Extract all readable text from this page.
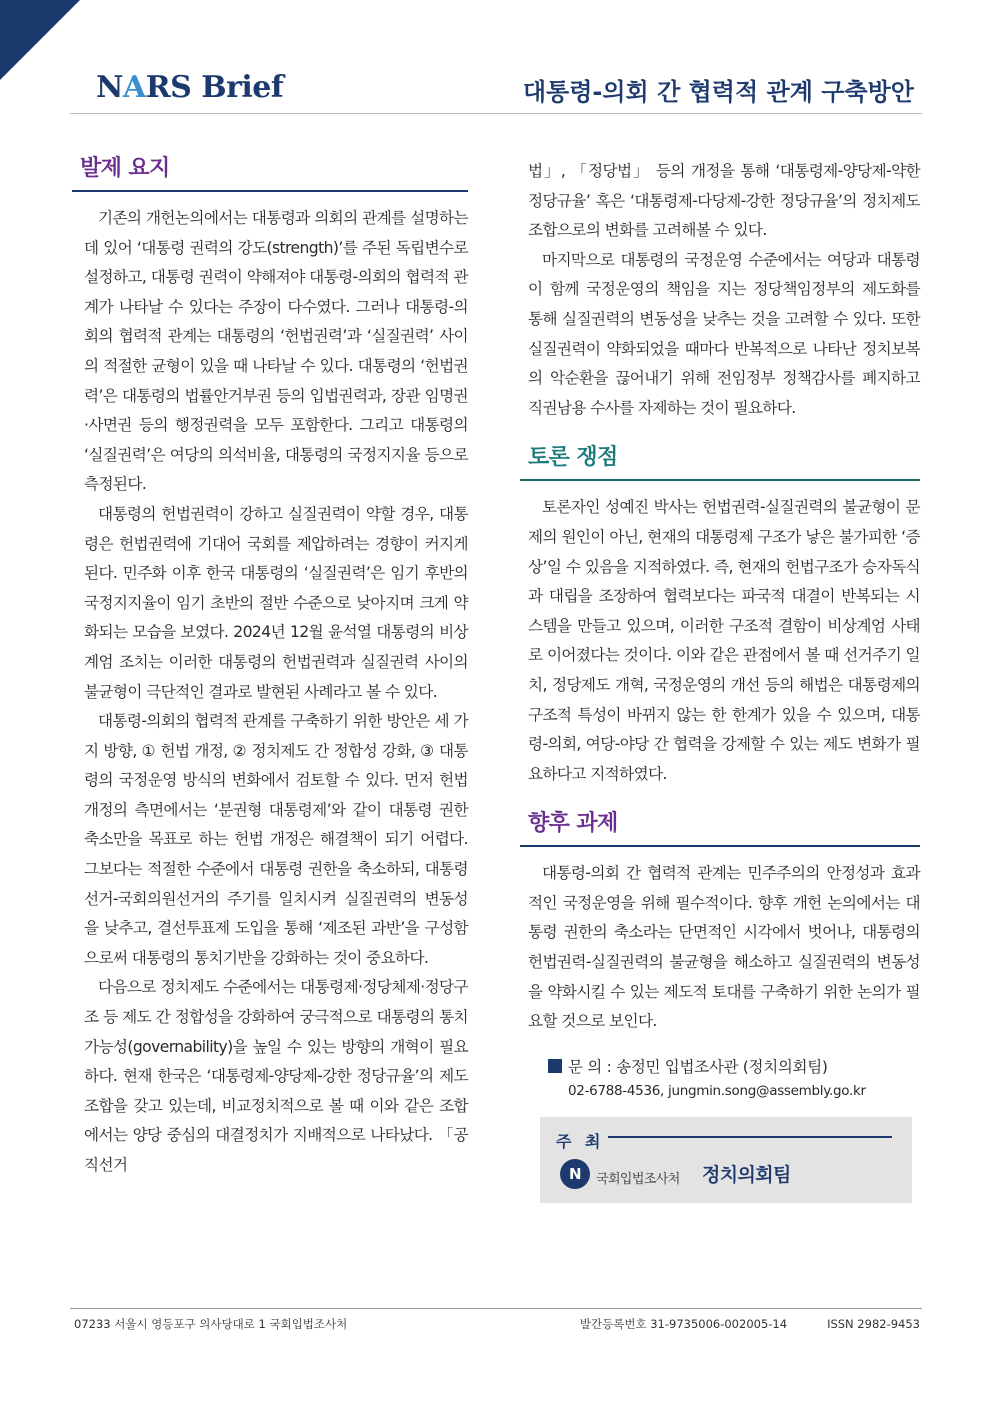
NARS Brief	대통령-의회 간 협력적 관계 구축방안
발제 요지

기존의 개헌논의에서는 대통령과 의회의 관계를 설명하는 데 있어 ‘대통령 권력의 강도(strength)’를 주된 독립변수로 설정하고, 대통령 권력이 약해져야 대통령-의회의 협력적 관계가 나타날 수 있다는 주장이 다수였다. 그러나 대통령-의회의 협력적 관계는 대통령의 ‘헌법권력’과 ‘실질권력’ 사이의 적절한 균형이 있을 때 나타날 수 있다. 대통령의 ‘헌법권력’은 대통령의 법률안거부권 등의 입법권력과, 장관 임명권·사면권 등의 행정권력을 모두 포함한다. 그리고 대통령의 ‘실질권력’은 여당의 의석비율, 대통령의 국정지지율 등으로 측정된다.

대통령의 헌법권력이 강하고 실질권력이 약할 경우, 대통령은 헌법권력에 기대어 국회를 제압하려는 경향이 커지게 된다. 민주화 이후 한국 대통령의 ‘실질권력’은 임기 후반의 국정지지율이 임기 초반의 절반 수준으로 낮아지며 크게 약화되는 모습을 보였다. 2024년 12월 윤석열 대통령의 비상계엄 조치는 이러한 대통령의 헌법권력과 실질권력 사이의 불균형이 극단적인 결과로 발현된 사례라고 볼 수 있다.

대통령-의회의 협력적 관계를 구축하기 위한 방안은 세 가지 방향, ① 헌법 개정, ② 정치제도 간 정합성 강화, ③ 대통령의 국정운영 방식의 변화에서 검토할 수 있다. 먼저 헌법 개정의 측면에서는 ‘분권형 대통령제’와 같이 대통령 권한 축소만을 목표로 하는 헌법 개정은 해결책이 되기 어렵다. 그보다는 적절한 수준에서 대통령 권한을 축소하되, 대통령선거-국회의원선거의 주기를 일치시켜 실질권력의 변동성을 낮추고, 결선투표제 도입을 통해 ‘제조된 과반’을 구성함으로써 대통령의 통치기반을 강화하는 것이 중요하다.

다음으로 정치제도 수준에서는 대통령제·정당체제·정당구조 등 제도 간 정합성을 강화하여 궁극적으로 대통령의 통치가능성(governability)을 높일 수 있는 방향의 개혁이 필요하다. 현재 한국은 ‘대통령제-양당제-강한 정당규율’의 제도 조합을 갖고 있는데, 비교정치적으로 볼 때 이와 같은 조합에서는 양당 중심의 대결정치가 지배적으로 나타났다. 「공직선거

법」, 「정당법」 등의 개정을 통해 ‘대통령제-양당제-약한 정당규율’ 혹은 ‘대통령제-다당제-강한 정당규율’의 정치제도 조합으로의 변화를 고려해볼 수 있다.

마지막으로 대통령의 국정운영 수준에서는 여당과 대통령이 함께 국정운영의 책임을 지는 정당책임정부의 제도화를 통해 실질권력의 변동성을 낮추는 것을 고려할 수 있다. 또한 실질권력이 약화되었을 때마다 반복적으로 나타난 정치보복의 악순환을 끊어내기 위해 전임정부 정책감사를 폐지하고 직권남용 수사를 자제하는 것이 필요하다.

토론 쟁점

토론자인 성예진 박사는 헌법권력-실질권력의 불균형이 문제의 원인이 아닌, 현재의 대통령제 구조가 낳은 불가피한 ‘증상’일 수 있음을 지적하였다. 즉, 현재의 헌법구조가 승자독식과 대립을 조장하여 협력보다는 파국적 대결이 반복되는 시스템을 만들고 있으며, 이러한 구조적 결함이 비상계엄 사태로 이어졌다는 것이다. 이와 같은 관점에서 볼 때 선거주기 일치, 정당제도 개혁, 국정운영의 개선 등의 해법은 대통령제의 구조적 특성이 바뀌지 않는 한 한계가 있을 수 있으며, 대통령-의회, 여당-야당 간 협력을 강제할 수 있는 제도 변화가 필요하다고 지적하였다.

향후 과제

대통령-의회 간 협력적 관계는 민주주의의 안정성과 효과적인 국정운영을 위해 필수적이다. 향후 개헌 논의에서는 대통령 권한의 축소라는 단면적인 시각에서 벗어나, 대통령의 헌법권력-실질권력의 불균형을 해소하고 실질권력의 변동성을 약화시킬 수 있는 제도적 토대를 구축하기 위한 논의가 필요할 것으로 보인다.

문 의 : 송정민 입법조사관 (정치의회팀)
02-6788-4536, jungmin.song@assembly.go.kr
주 최
N	국회입법조사처 정치의회팀
07233 서울시 영등포구 의사당대로 1 국회입법조사처	발간등록번호 31-9735006-002005-14	ISSN 2982-9453
